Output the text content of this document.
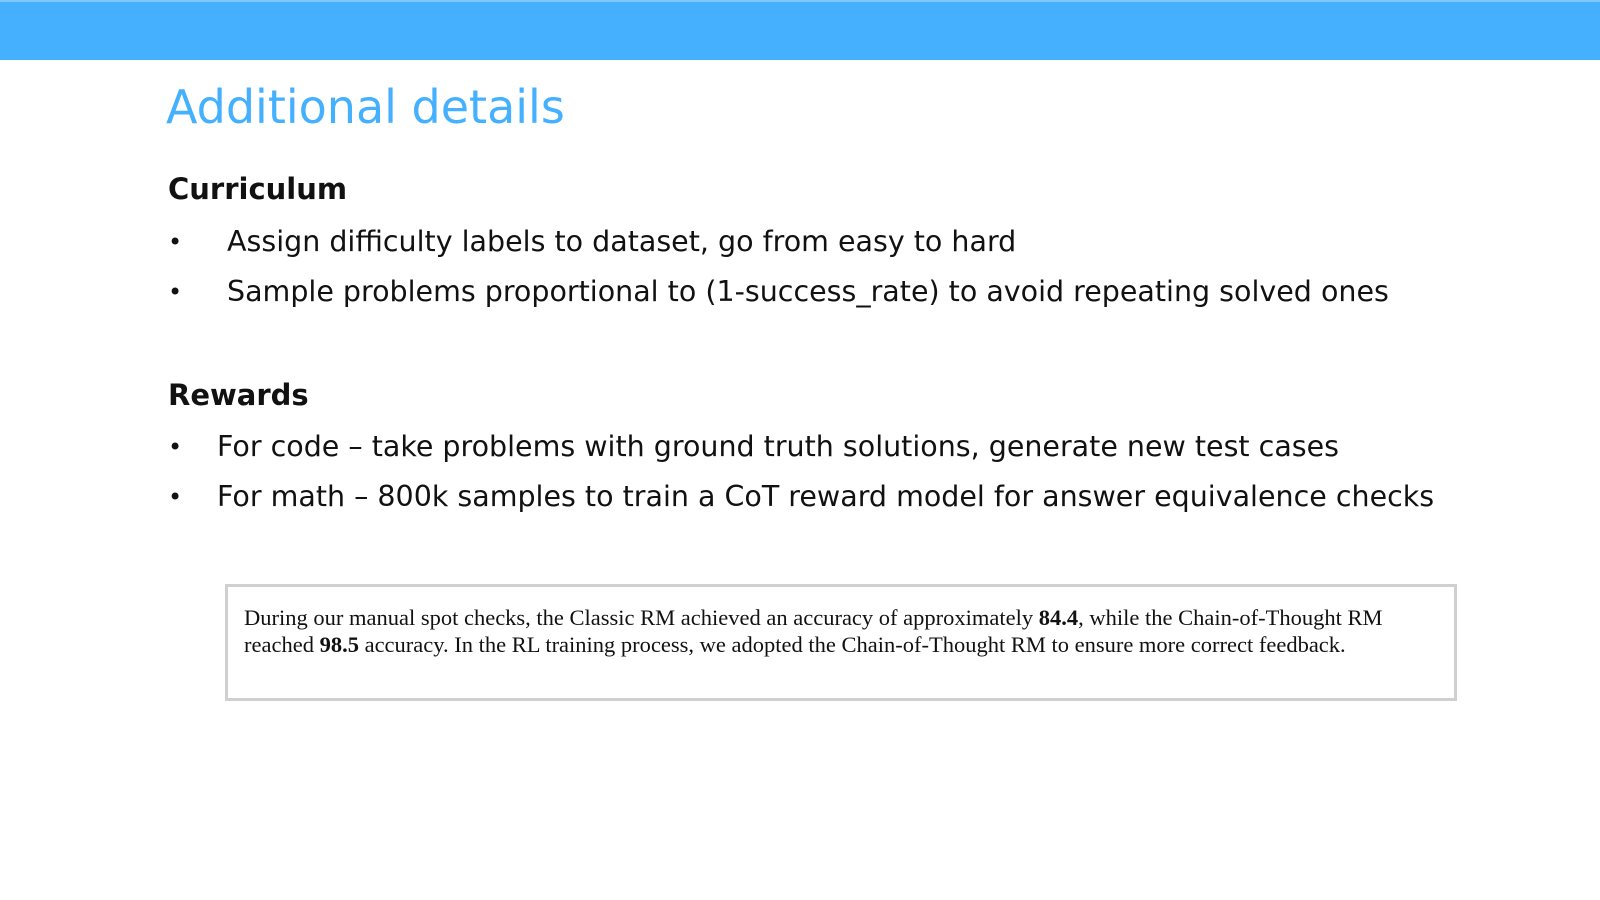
Additional details
Curriculum
• Assign difficulty labels to dataset, go from easy to hard
• Sample problems proportional to (1-success_rate) to avoid repeating solved ones
Rewards
• For code – take problems with ground truth solutions, generate new test cases
• For math – 800k samples to train a CoT reward model for answer equivalence checks

During our manual spot checks, the Classic RM achieved an accuracy of approximately 84.4, while the Chain-of-Thought RM reached 98.5 accuracy. In the RL training process, we adopted the Chain-of-Thought RM to ensure more correct feedback.
